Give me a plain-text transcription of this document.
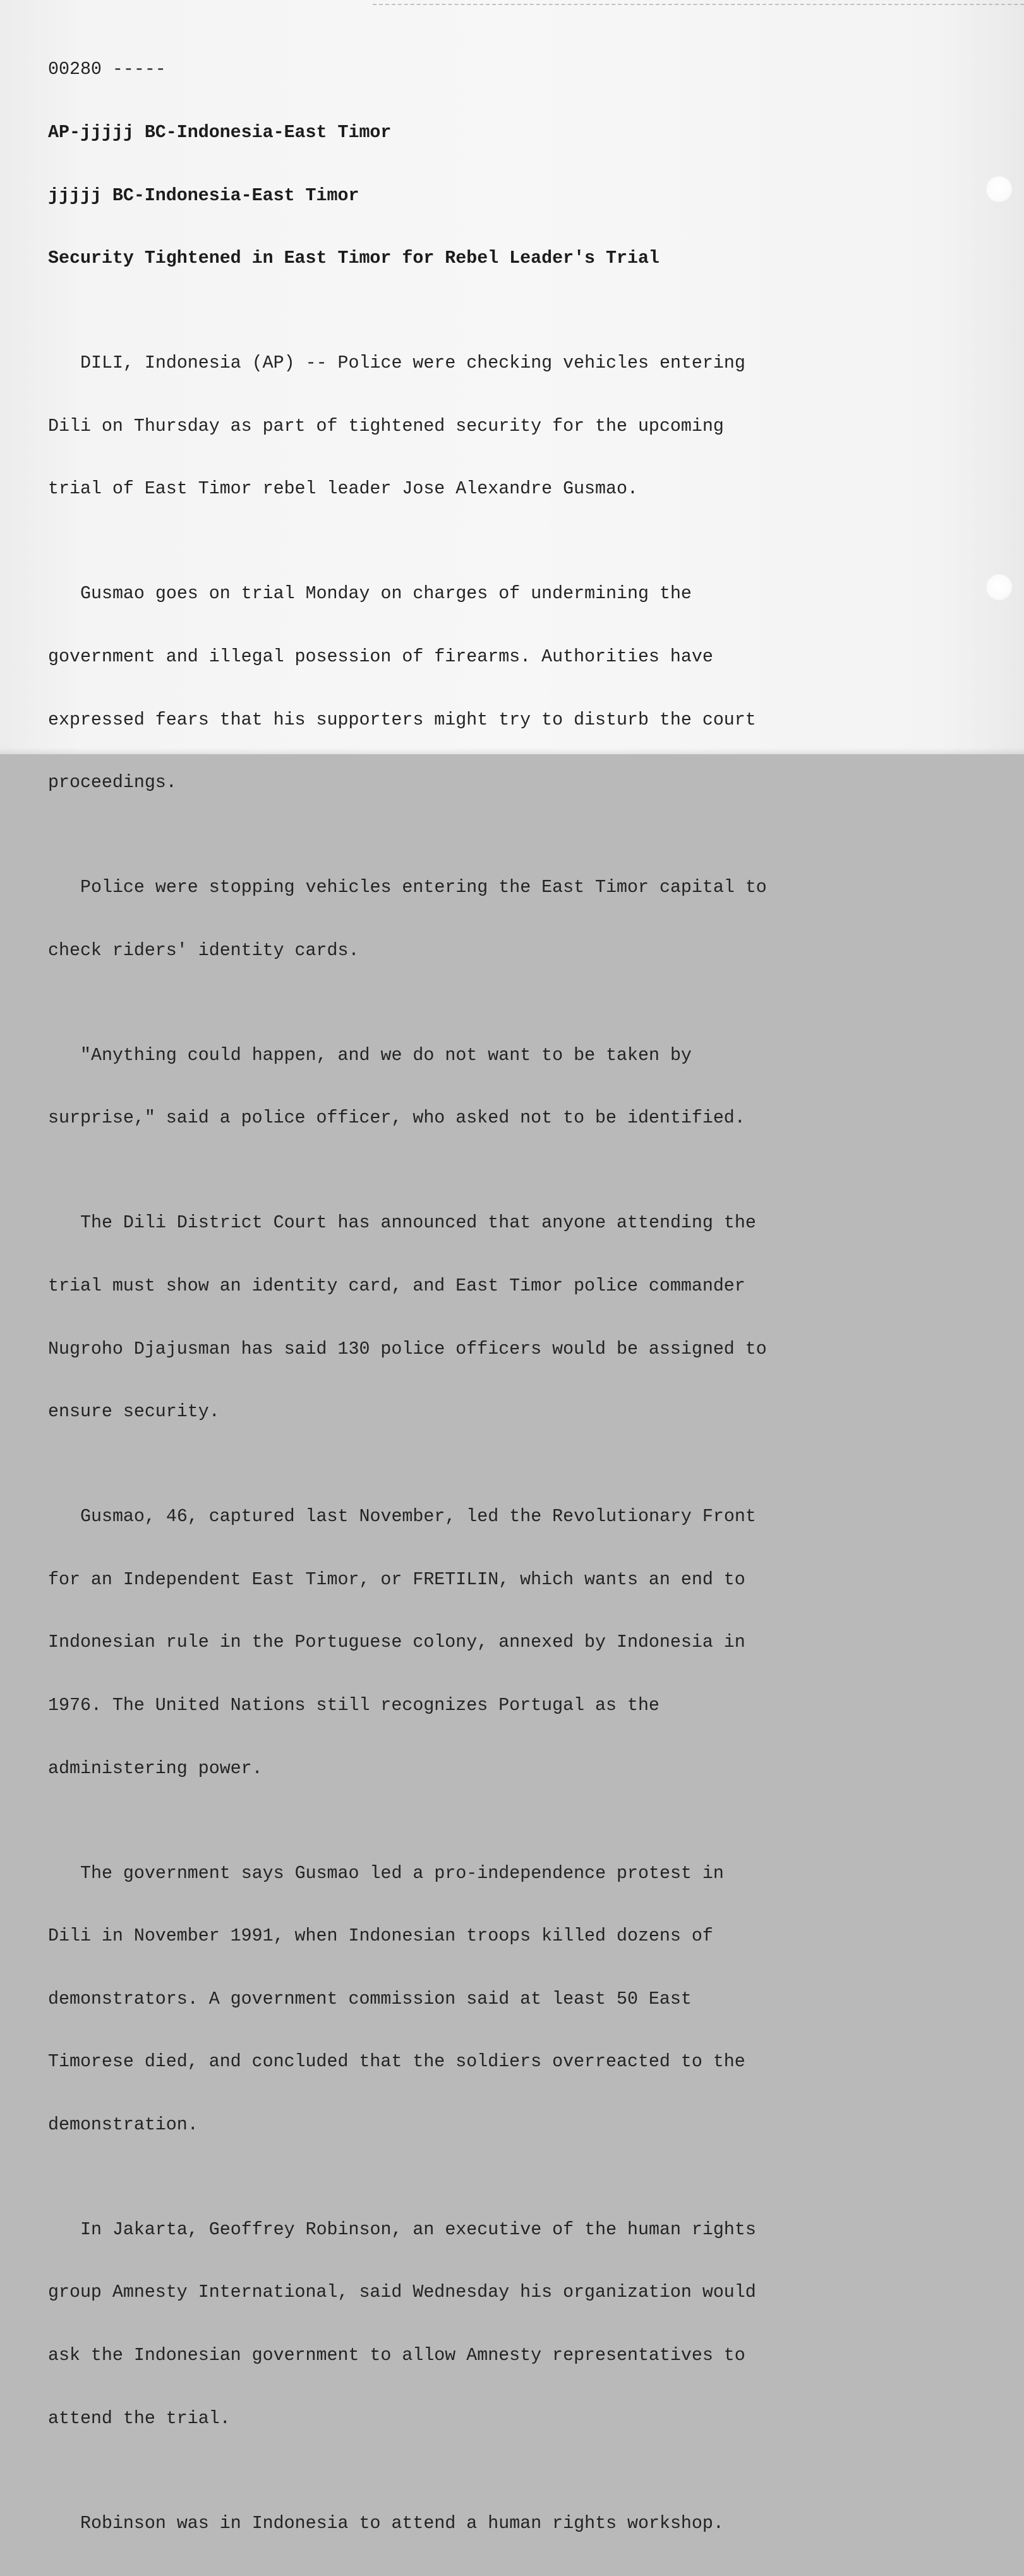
00280 -----

AP-jjjjj BC-Indonesia-East Timor

jjjjj BC-Indonesia-East Timor

Security Tightened in East Timor for Rebel Leader's Trial

DILI, Indonesia (AP) -- Police were checking vehicles entering

Dili on Thursday as part of tightened security for the upcoming

trial of East Timor rebel leader Jose Alexandre Gusmao.

Gusmao goes on trial Monday on charges of undermining the

government and illegal posession of firearms. Authorities have

expressed fears that his supporters might try to disturb the court

proceedings.

Police were stopping vehicles entering the East Timor capital to

check riders' identity cards.

"Anything could happen, and we do not want to be taken by

surprise," said a police officer, who asked not to be identified.

The Dili District Court has announced that anyone attending the

trial must show an identity card, and East Timor police commander

Nugroho Djajusman has said 130 police officers would be assigned to

ensure security.

Gusmao, 46, captured last November, led the Revolutionary Front

for an Independent East Timor, or FRETILIN, which wants an end to

Indonesian rule in the Portuguese colony, annexed by Indonesia in

1976. The United Nations still recognizes Portugal as the

administering power.

The government says Gusmao led a pro-independence protest in

Dili in November 1991, when Indonesian troops killed dozens of

demonstrators. A government commission said at least 50 East

Timorese died, and concluded that the soldiers overreacted to the

demonstration.

In Jakarta, Geoffrey Robinson, an executive of the human rights

group Amnesty International, said Wednesday his organization would

ask the Indonesian government to allow Amnesty representatives to

attend the trial.

Robinson was in Indonesia to attend a human rights workshop.
